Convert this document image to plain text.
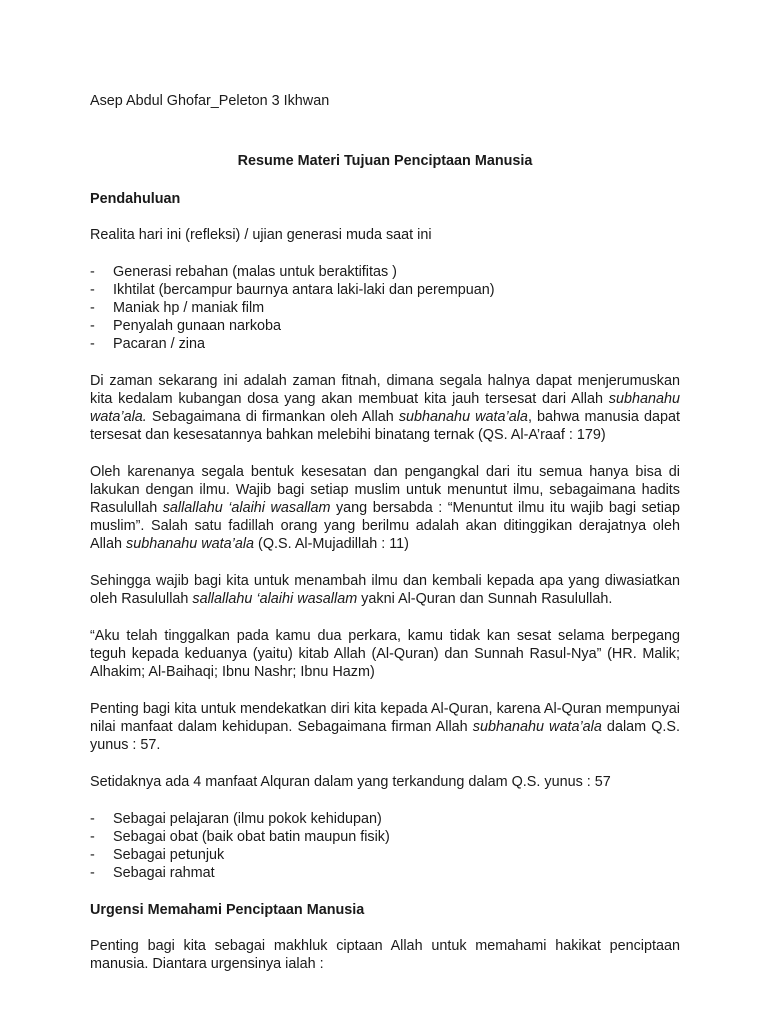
Asep Abdul Ghofar_Peleton 3 Ikhwan

Resume Materi Tujuan Penciptaan Manusia

Pendahuluan

Realita hari ini (refleksi) / ujian generasi muda saat ini

-	Generasi rebahan (malas untuk beraktifitas )
-	Ikhtilat (bercampur baurnya antara laki-laki dan perempuan)
-	Maniak hp / maniak film
-	Penyalah gunaan narkoba
-	Pacaran / zina

Di zaman sekarang ini adalah zaman fitnah, dimana segala halnya dapat menjerumuskan kita kedalam kubangan dosa yang akan membuat kita jauh tersesat dari Allah subhanahu wata’ala. Sebagaimana di firmankan oleh Allah subhanahu wata’ala, bahwa manusia dapat tersesat dan kesesatannya bahkan melebihi binatang ternak (QS. Al-A’raaf : 179)

Oleh karenanya segala bentuk kesesatan dan pengangkal dari itu semua hanya bisa di lakukan dengan ilmu. Wajib bagi setiap muslim untuk menuntut ilmu, sebagaimana hadits Rasulullah sallallahu ‘alaihi wasallam yang bersabda : “Menuntut ilmu itu wajib bagi setiap muslim”. Salah satu fadillah orang yang berilmu adalah akan ditinggikan derajatnya oleh Allah subhanahu wata’ala (Q.S. Al-Mujadillah : 11)

Sehingga wajib bagi kita untuk menambah ilmu dan kembali kepada apa yang diwasiatkan oleh Rasulullah sallallahu ‘alaihi wasallam yakni Al-Quran dan Sunnah Rasulullah.

“Aku telah tinggalkan pada kamu dua perkara, kamu tidak kan sesat selama berpegang teguh kepada keduanya (yaitu) kitab Allah (Al-Quran) dan Sunnah Rasul-Nya” (HR. Malik; Alhakim; Al-Baihaqi; Ibnu Nashr; Ibnu Hazm)

Penting bagi kita untuk mendekatkan diri kita kepada Al-Quran, karena Al-Quran mempunyai nilai manfaat dalam kehidupan. Sebagaimana firman Allah subhanahu wata’ala dalam Q.S. yunus : 57.

Setidaknya ada 4 manfaat Alquran dalam yang terkandung dalam Q.S. yunus : 57

-	Sebagai pelajaran (ilmu pokok kehidupan)
-	Sebagai obat (baik obat batin maupun fisik)
-	Sebagai petunjuk
-	Sebagai rahmat

Urgensi Memahami Penciptaan Manusia

Penting bagi kita sebagai makhluk ciptaan Allah untuk memahami hakikat penciptaan manusia. Diantara urgensinya ialah :
